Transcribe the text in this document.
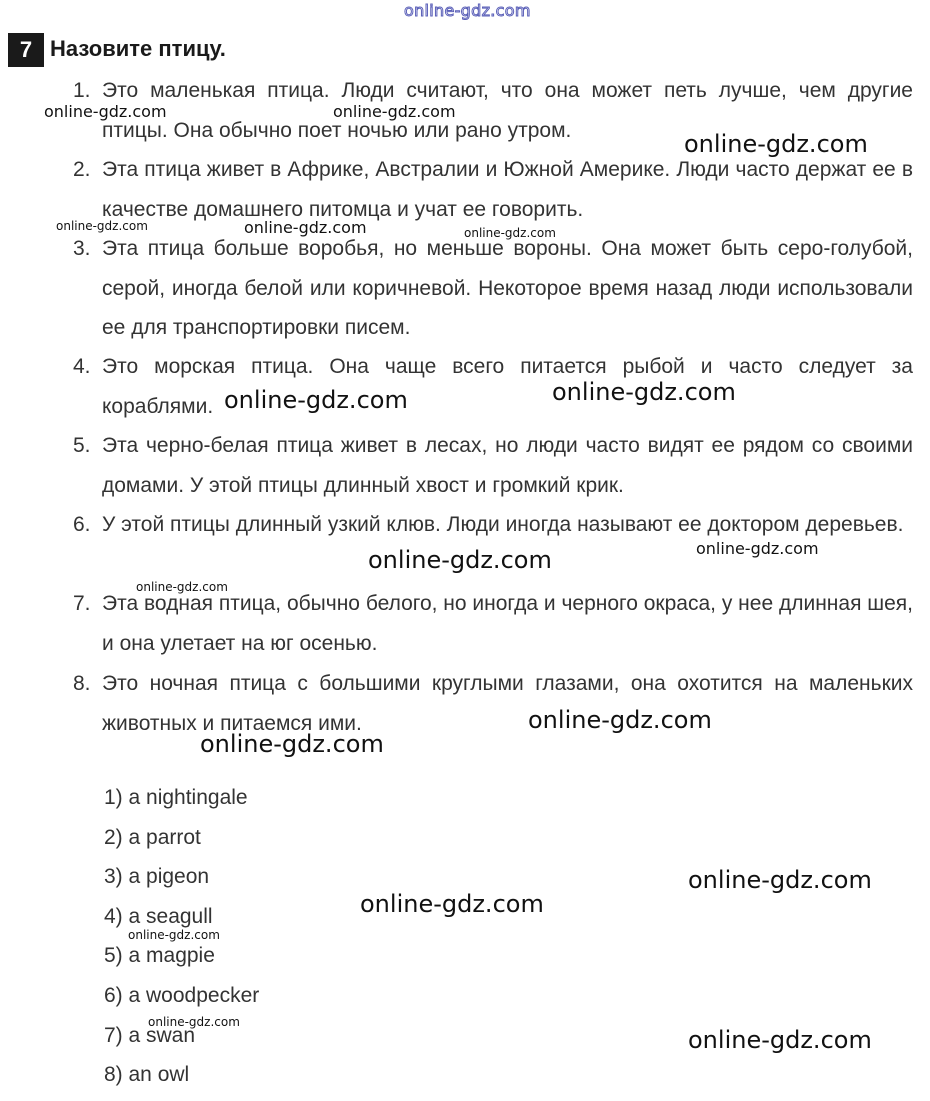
online-gdz.com
7 Назовите птицу.
1. Это маленькая птица. Люди считают, что она может петь лучше, чем другие птицы. Она обычно поет ночью или рано утром.
2. Эта птица живет в Африке, Австралии и Южной Америке. Люди часто держат ее в качестве домашнего питомца и учат ее говорить.
3. Эта птица больше воробья, но меньше вороны. Она может быть серо-голубой, серой, иногда белой или коричневой. Некоторое время назад люди использовали ее для транспортировки писем.
4. Это морская птица. Она чаще всего питается рыбой и часто следует за кораблями.
5. Эта черно-белая птица живет в лесах, но люди часто видят ее рядом со своими домами. У этой птицы длинный хвост и громкий крик.
6. У этой птицы длинный узкий клюв. Люди иногда называют ее доктором деревьев.
7. Эта водная птица, обычно белого, но иногда и черного окраса, у нее длинная шея, и она улетает на юг осенью.
8. Это ночная птица с большими круглыми глазами, она охотится на маленьких животных и питаемся ими.
1) a nightingale
2) a parrot
3) a pigeon
4) a seagull
5) a magpie
6) a woodpecker
7) a swan
8) an owl
online-gdz.com	online-gdz.com
online-gdz.com
online-gdz.com	online-gdz.com	online-gdz.com
online-gdz.com	online-gdz.com
online-gdz.com	online-gdz.com
online-gdz.com
online-gdz.com
online-gdz.com
online-gdz.com
online-gdz.com
online-gdz.com
online-gdz.com
online-gdz.com
